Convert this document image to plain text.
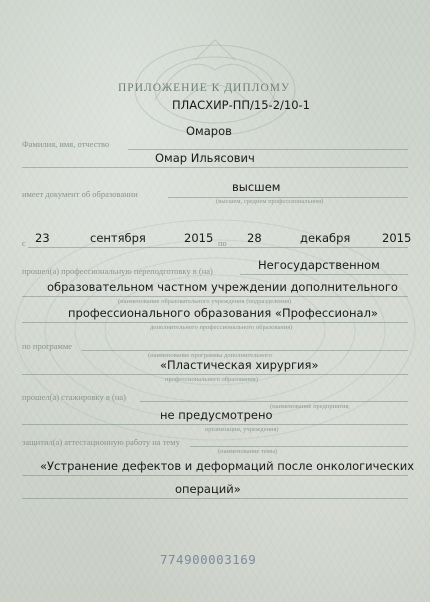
ПРИЛОЖЕНИЕ К ДИПЛОМУ
ПЛАСХИР-ПП/15-2/10-1
Омаров
Фамилия, имя, отчество
Омар Ильясович
высшем
имеет документ об образовании
(высшем, среднем профессиональном)
с 23	сентября	2015 по 28	декабря	2015
Негосударственном
прошел(а) профессиональную переподготовку в (на)
образовательном частном учреждении дополнительного
(наименование образовательного учреждения (подразделения)
профессионального образования «Профессионал»
дополнительного профессионального образования)
по программе
(наименование программы дополнительного
«Пластическая хирургия»
профессионального образования)
прошел(а) стажировку в (на)
(наименование предприятия,
не предусмотрено
организации, учреждения)
защитил(а) аттестационную работу на тему
(наименование темы)
«Устранение дефектов и деформаций после онкологических
операций»
774900003169
